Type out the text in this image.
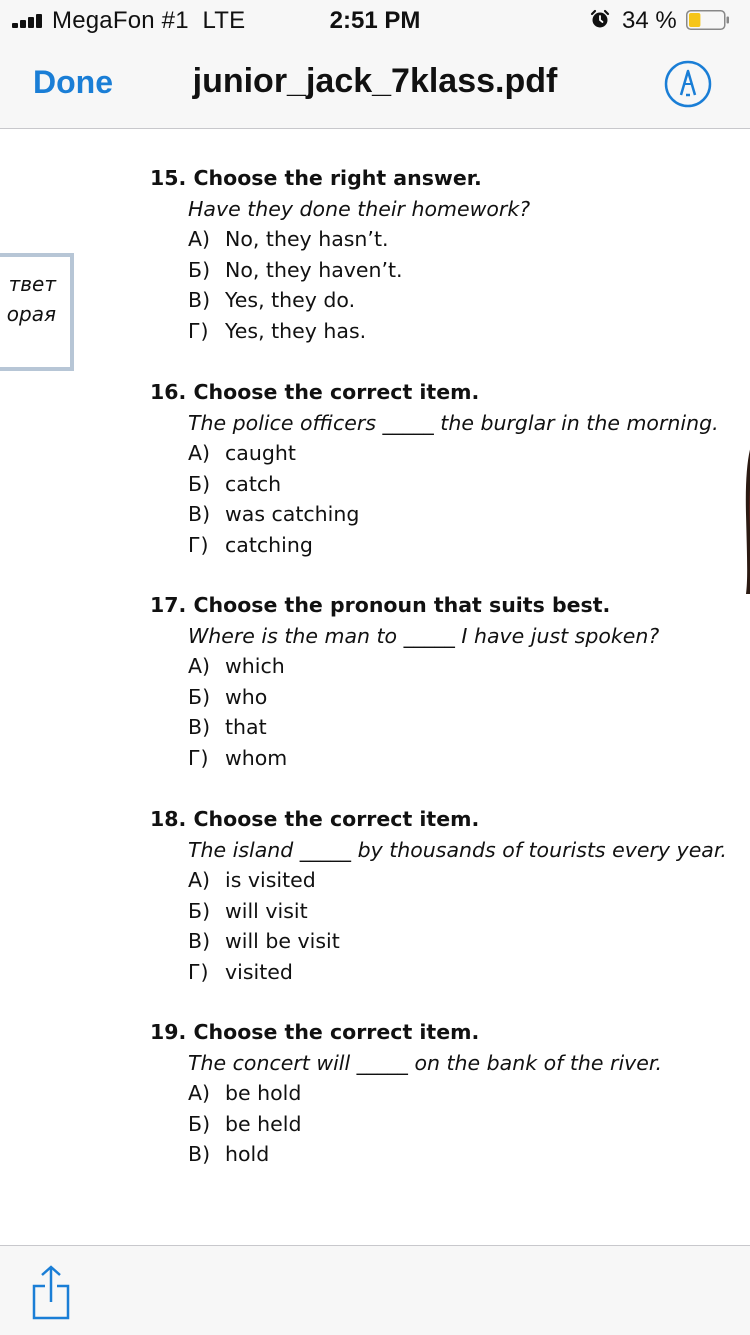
MegaFon #1 LTE	2:51 PM	34 %
Done	junior_jack_7klass.pdf
твет
орая
15. Choose the right answer.
Have they done their homework?
А) No, they hasn’t.
Б) No, they haven’t.
В) Yes, they do.
Г) Yes, they has.
16. Choose the correct item.
The police officers _____ the burglar in the morning.
А) caught
Б) catch
В) was catching
Г) catching
17. Choose the pronoun that suits best.
Where is the man to _____ I have just spoken?
А) which
Б) who
В) that
Г) whom
18. Choose the correct item.
The island _____ by thousands of tourists every year.
А) is visited
Б) will visit
В) will be visit
Г) visited
19. Choose the correct item.
The concert will _____ on the bank of the river.
А) be hold
Б) be held
В) hold
